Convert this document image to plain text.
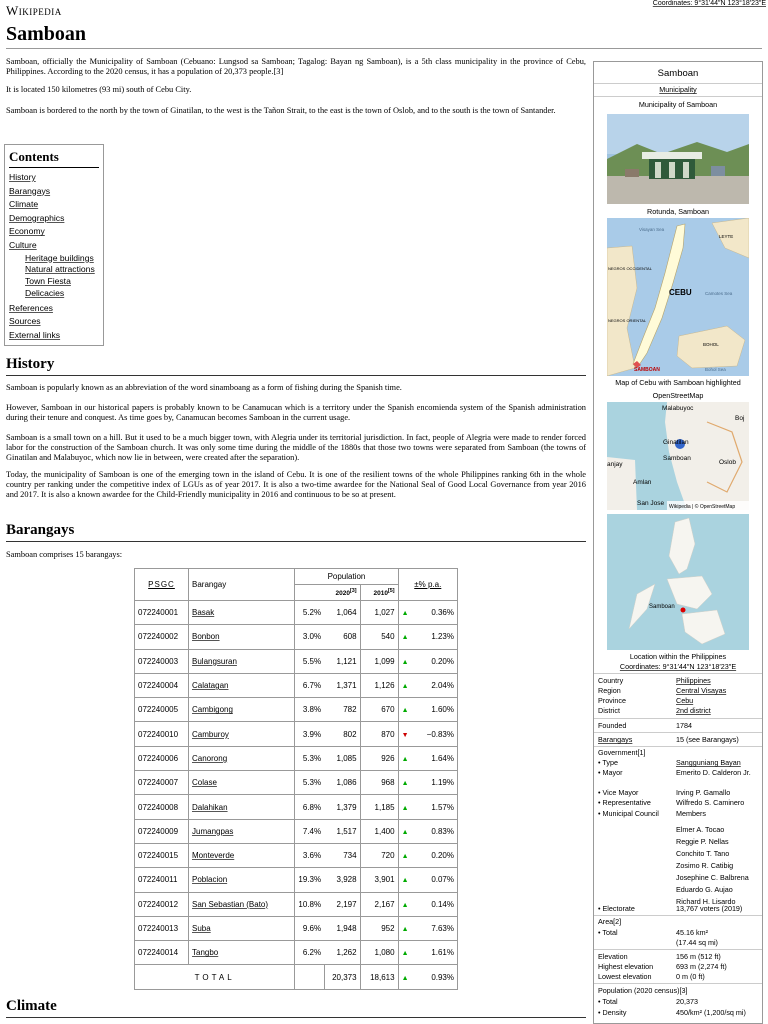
Wikipedia	Coordinates: 9°31′44″N 123°18′23″E
Samboan
Samboan, officially the Municipality of Samboan (Cebuano: Lungsod sa Samboan; Tagalog: Bayan ng Samboan), is a 5th class municipality in the province of Cebu, Philippines. According to the 2020 census, it has a population of 20,373 people.[3]
It is located 150 kilometres (93 mi) south of Cebu City.
Samboan is bordered to the north by the town of Ginatilan, to the west is the Tañon Strait, to the east is the town of Oslob, and to the south is the town of Santander.
Contents
History
Barangays
Climate
Demographics
Economy
Culture
Heritage buildings
Natural attractions
Town Fiesta
Delicacies
References
Sources
External links
History
Samboan is popularly known as an abbreviation of the word sinamboang as a form of fishing during the Spanish time.
However, Samboan in our historical papers is probably known to be Canamucan which is a territory under the Spanish encomienda system of the Spanish administration during their tenure and conquest. As time goes by, Canamucan becomes Samboan in the current usage.
Samboan is a small town on a hill. But it used to be a much bigger town, with Alegria under its territorial jurisdiction. In fact, people of Alegria were made to render forced labor for the construction of the Samboan church. It was only some time during the middle of the 1880s that those two towns were separated from Samboan (the towns of Ginatilan and Malabuyoc, which now lie in between, were created after the separation).
Today, the municipality of Samboan is one of the emerging town in the island of Cebu. It is one of the resilient towns of the whole Philippines ranking 6th in the whole country per ranking under the competitive index of LGUs as of year 2017. It is also a two-time awardee for the National Seal of Good Local Governance from year 2016 and 2017. It is also a known awardee for the Child-Friendly municipality in 2016 and continuous to be so at present.
Barangays
Samboan comprises 15 barangays:
PSGC	Barangay	Population			±% p.a.	
		2020[3]		2010[5]
072240001	Basak	5.2%	1,064	1,027	▲	0.36%
072240002	Bonbon	3.0%	608	540	▲	1.23%
072240003	Bulangsuran	5.5%	1,121	1,099	▲	0.20%
072240004	Calatagan	6.7%	1,371	1,126	▲	2.04%
072240005	Cambigong	3.8%	782	670	▲	1.60%
072240010	Camburoy	3.9%	802	870	▼	−0.83%
072240006	Canorong	5.3%	1,085	926	▲	1.64%
072240007	Colase	5.3%	1,086	968	▲	1.19%
072240008	Dalahikan	6.8%	1,379	1,185	▲	1.57%
072240009	Jumangpas	7.4%	1,517	1,400	▲	0.83%
072240015	Monteverde	3.6%	734	720	▲	0.20%
072240011	Poblacion	19.3%	3,928	3,901	▲	0.07%
072240012	San Sebastian (Bato)	10.8%	2,197	2,167	▲	0.14%
072240013	Suba	9.6%	1,948	952	▲	7.63%
072240014	Tangbo	6.2%	1,262	1,080	▲	1.61%
TOTAL			20,373	18,613	▲	0.93%
Climate
Samboan
Municipality
Municipality of Samboan
Rotunda, Samboan
Visayan Sea
LEYTE
NEGROS OCCIDENTAL
CEBU	Camotes Sea
NEGROS ORIENTAL
BOHOL
SAMBOAN	Bohol Sea
Map of Cebu with Samboan highlighted
OpenStreetMap
Malabuyoc
Boj
Ginatilan
Samboan
anjay
Amlan
Oslob
San Jose Wikipedia | © OpenStreetMap
Samboan
Location within the Philippines
Coordinates: 9°31′44″N 123°18′23″E
Country	Philippines
Region	Central Visayas
Province	Cebu
District	2nd district
Founded	1784
Barangays	15 (see Barangays)
Government[1]
• Type	Sangguniang Bayan
• Mayor	Emerito D. Calderon Jr.
• Vice Mayor	Irving P. Gamallo
• Representative	Wilfredo S. Caminero
• Municipal Council	Members
Elmer A. Tocao
Reggie P. Nellas
Conchito T. Tano
Zosimo R. Catibig
Josephine C. Balbrena
Eduardo G. Aujao
Richard H. Lisardo
• Electorate	13,767 voters (2019)
Area[2]
• Total	45.16 km²
(17.44 sq mi)
Elevation	156 m (512 ft)
Highest elevation	693 m (2,274 ft)
Lowest elevation	0 m (0 ft)
Population (2020 census)[3]
• Total	20,373
• Density	450/km² (1,200/sq mi)
